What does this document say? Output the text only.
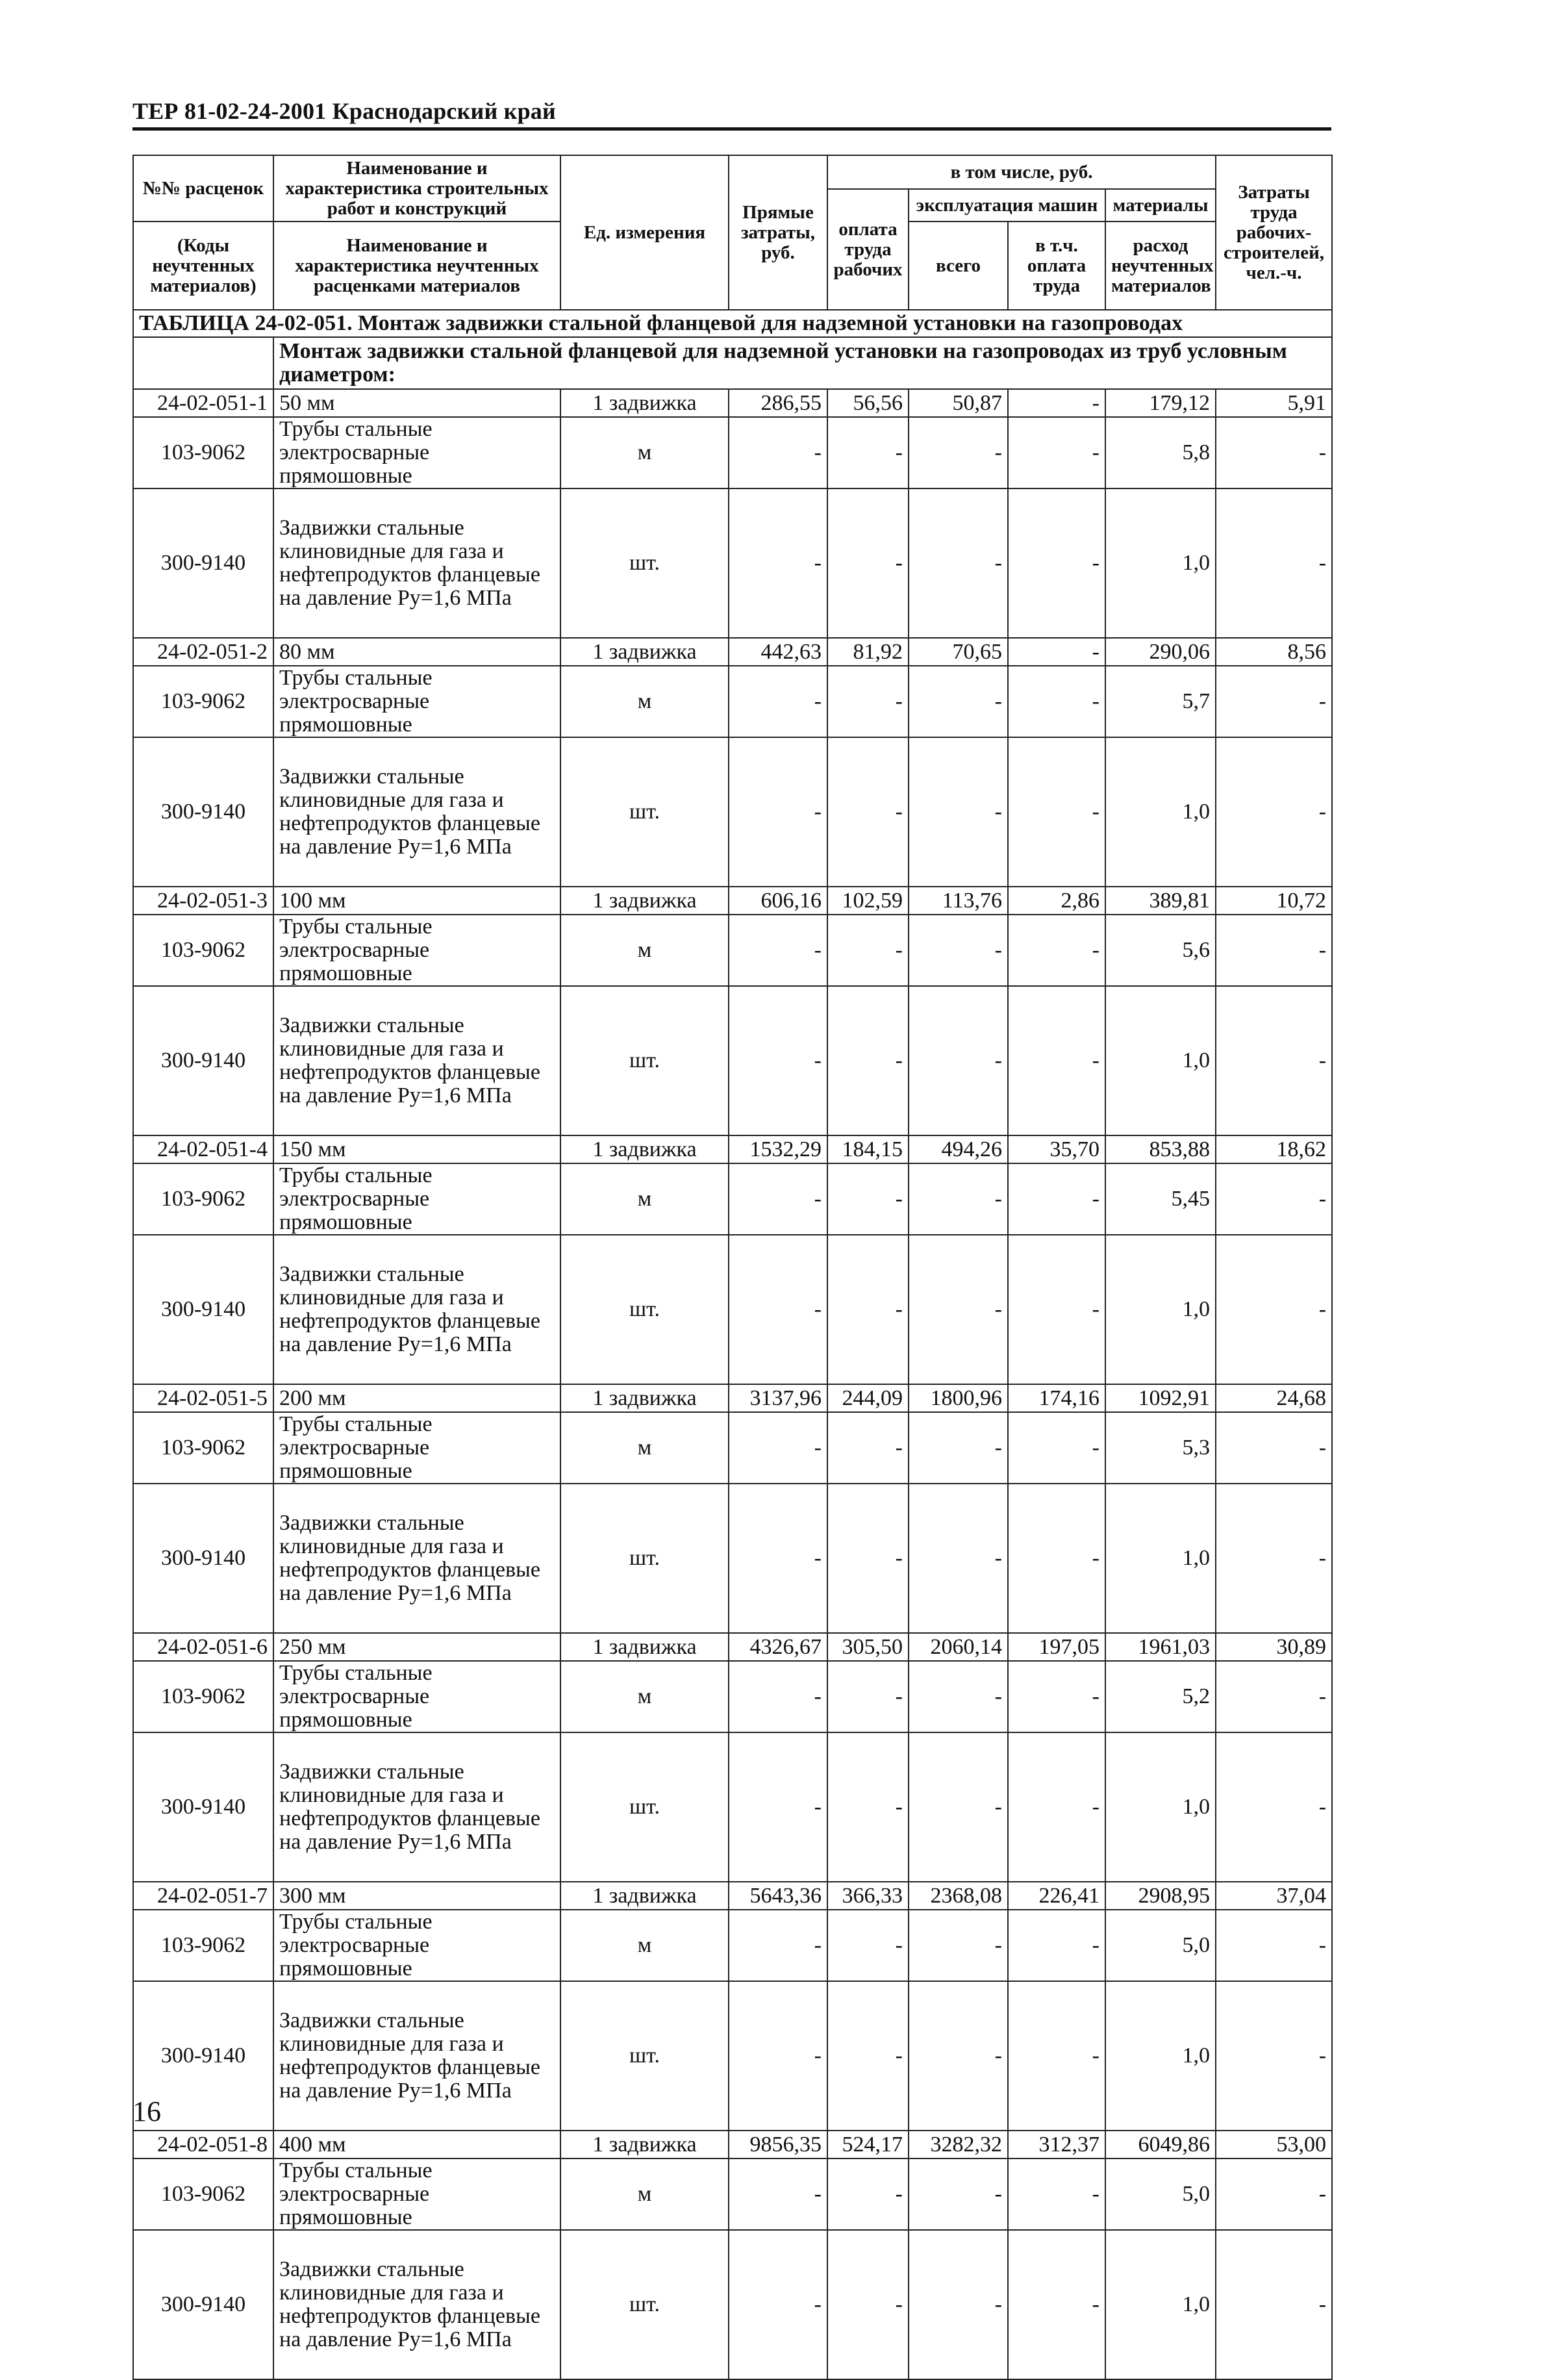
ТЕР 81-02-24-2001 Краснодарский край
№№ расценок	Наименование и характеристика строительных работ и конструкций	Ед. измерения	Прямые затраты, руб.	в том числе, руб.				Затраты труда рабочих-строителей, чел.-ч.
				оплата труда рабочих	эксплуатация машин		материалы	
(Коды неучтенных материалов)	Наименование и характеристика неучтенных расценками материалов				всего	в т.ч. оплата труда	расход неучтенных материалов	

ТАБЛИЦА 24-02-051. Монтаж задвижки стальной фланцевой для надземной установки на газопроводах								
	Монтаж задвижки стальной фланцевой для надземной установки на газопроводах из труб условным диаметром:							
24-02-051-1	50 мм	1 задвижка	286,55	56,56	50,87	-	179,12	5,91
103-9062	Трубы стальные электросварные прямошовные	м	-	-	-	-	5,8	-
300-9140	Задвижки стальные клиновидные для газа и нефтепродуктов фланцевые на давление Ру=1,6 МПа	шт.	-	-	-	-	1,0	-
24-02-051-2	80 мм	1 задвижка	442,63	81,92	70,65	-	290,06	8,56
103-9062	Трубы стальные электросварные прямошовные	м	-	-	-	-	5,7	-
300-9140	Задвижки стальные клиновидные для газа и нефтепродуктов фланцевые на давление Ру=1,6 МПа	шт.	-	-	-	-	1,0	-
24-02-051-3	100 мм	1 задвижка	606,16	102,59	113,76	2,86	389,81	10,72
103-9062	Трубы стальные электросварные прямошовные	м	-	-	-	-	5,6	-
300-9140	Задвижки стальные клиновидные для газа и нефтепродуктов фланцевые на давление Ру=1,6 МПа	шт.	-	-	-	-	1,0	-
24-02-051-4	150 мм	1 задвижка	1532,29	184,15	494,26	35,70	853,88	18,62
103-9062	Трубы стальные электросварные прямошовные	м	-	-	-	-	5,45	-
300-9140	Задвижки стальные клиновидные для газа и нефтепродуктов фланцевые на давление Ру=1,6 МПа	шт.	-	-	-	-	1,0	-
24-02-051-5	200 мм	1 задвижка	3137,96	244,09	1800,96	174,16	1092,91	24,68
103-9062	Трубы стальные электросварные прямошовные	м	-	-	-	-	5,3	-
300-9140	Задвижки стальные клиновидные для газа и нефтепродуктов фланцевые на давление Ру=1,6 МПа	шт.	-	-	-	-	1,0	-
24-02-051-6	250 мм	1 задвижка	4326,67	305,50	2060,14	197,05	1961,03	30,89
103-9062	Трубы стальные электросварные прямошовные	м	-	-	-	-	5,2	-
300-9140	Задвижки стальные клиновидные для газа и нефтепродуктов фланцевые на давление Ру=1,6 МПа	шт.	-	-	-	-	1,0	-
24-02-051-7	300 мм	1 задвижка	5643,36	366,33	2368,08	226,41	2908,95	37,04
103-9062	Трубы стальные электросварные прямошовные	м	-	-	-	-	5,0	-
300-9140	Задвижки стальные клиновидные для газа и нефтепродуктов фланцевые на давление Ру=1,6 МПа	шт.	-	-	-	-	1,0	-
24-02-051-8	400 мм	1 задвижка	9856,35	524,17	3282,32	312,37	6049,86	53,00
103-9062	Трубы стальные электросварные прямошовные	м	-	-	-	-	5,0	-
300-9140	Задвижки стальные клиновидные для газа и нефтепродуктов фланцевые на давление Ру=1,6 МПа	шт.	-	-	-	-	1,0	-
16
